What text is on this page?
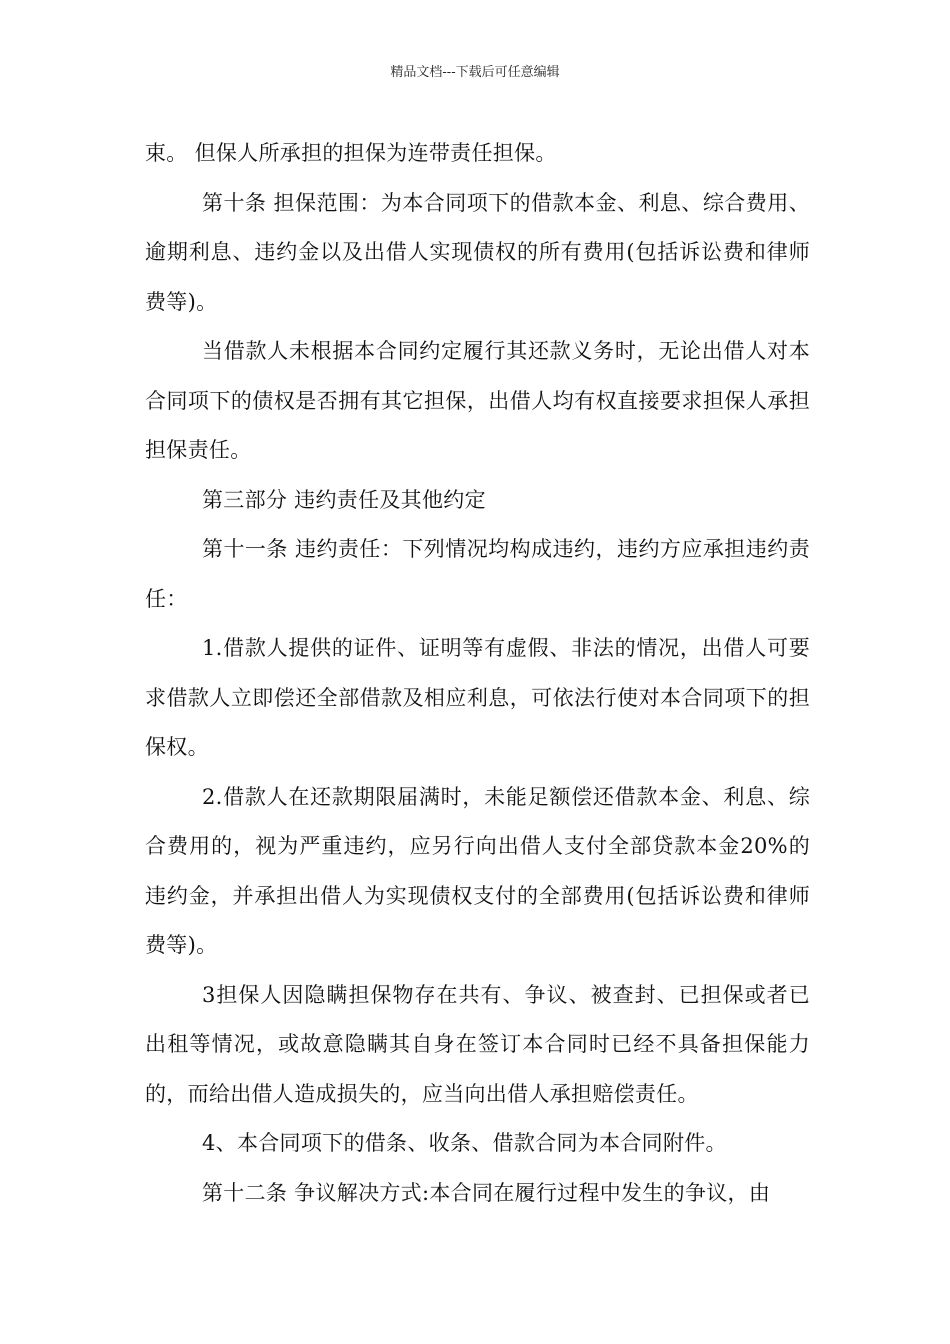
精品文档---下载后可任意编辑

束。 但保人所承担的担保为连带责任担保。

第十条 担保范围：为本合同项下的借款本金、利息、综合费用、逾期利息、违约金以及出借人实现债权的所有费用(包括诉讼费和律师费等)。

当借款人未根据本合同约定履行其还款义务时，无论出借人对本合同项下的债权是否拥有其它担保，出借人均有权直接要求担保人承担担保责任。

第三部分 违约责任及其他约定

第十一条 违约责任：下列情况均构成违约，违约方应承担违约责任：

1.借款人提供的证件、证明等有虚假、非法的情况，出借人可要求借款人立即偿还全部借款及相应利息，可依法行使对本合同项下的担保权。

2.借款人在还款期限届满时，未能足额偿还借款本金、利息、综合费用的，视为严重违约，应另行向出借人支付全部贷款本金20%的违约金，并承担出借人为实现债权支付的全部费用(包括诉讼费和律师费等)。

3担保人因隐瞒担保物存在共有、争议、被查封、已担保或者已出租等情况，或故意隐瞒其自身在签订本合同时已经不具备担保能力的，而给出借人造成损失的，应当向出借人承担赔偿责任。

4、本合同项下的借条、收条、借款合同为本合同附件。

第十二条 争议解决方式:本合同在履行过程中发生的争议，由
